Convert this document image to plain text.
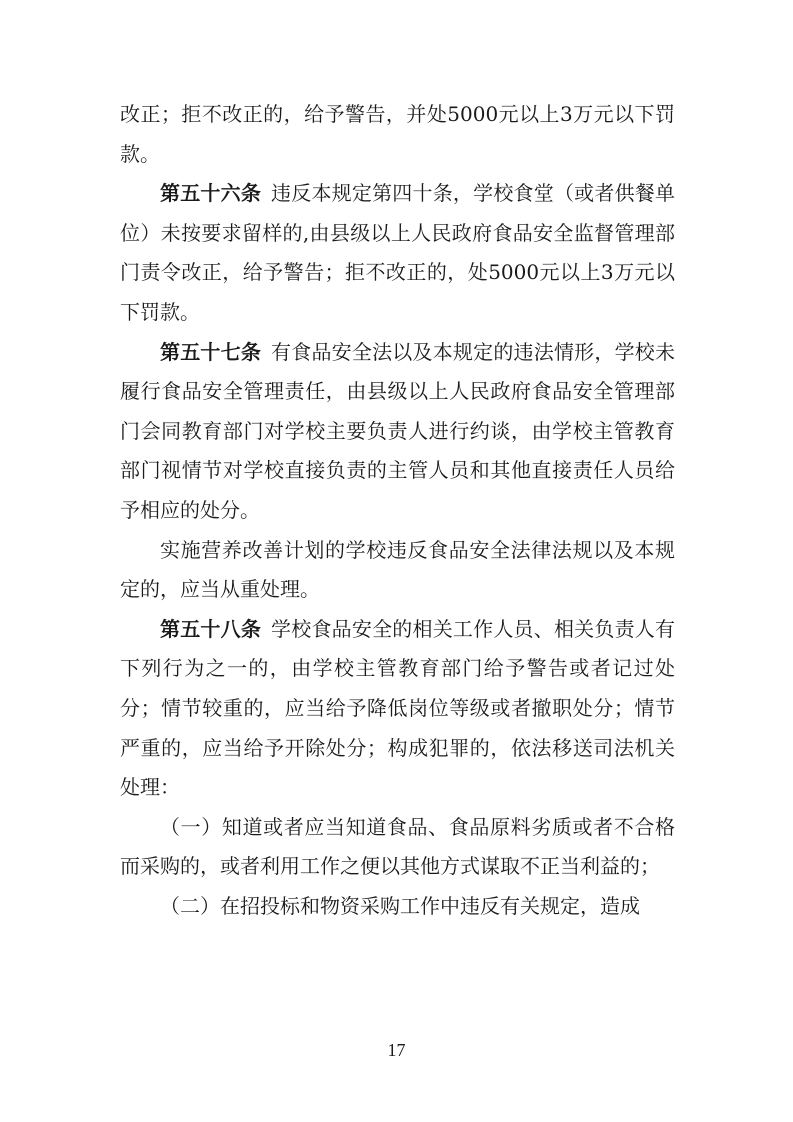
改正；拒不改正的，给予警告，并处5000元以上3万元以下罚款。

第五十六条 违反本规定第四十条，学校食堂（或者供餐单位）未按要求留样的,由县级以上人民政府食品安全监督管理部门责令改正，给予警告；拒不改正的，处5000元以上3万元以下罚款。

第五十七条 有食品安全法以及本规定的违法情形，学校未履行食品安全管理责任，由县级以上人民政府食品安全管理部门会同教育部门对学校主要负责人进行约谈，由学校主管教育部门视情节对学校直接负责的主管人员和其他直接责任人员给予相应的处分。

实施营养改善计划的学校违反食品安全法律法规以及本规定的，应当从重处理。

第五十八条 学校食品安全的相关工作人员、相关负责人有下列行为之一的，由学校主管教育部门给予警告或者记过处分；情节较重的，应当给予降低岗位等级或者撤职处分；情节严重的，应当给予开除处分；构成犯罪的，依法移送司法机关处理：

（一）知道或者应当知道食品、食品原料劣质或者不合格而采购的，或者利用工作之便以其他方式谋取不正当利益的；

（二）在招投标和物资采购工作中违反有关规定，造成

17
